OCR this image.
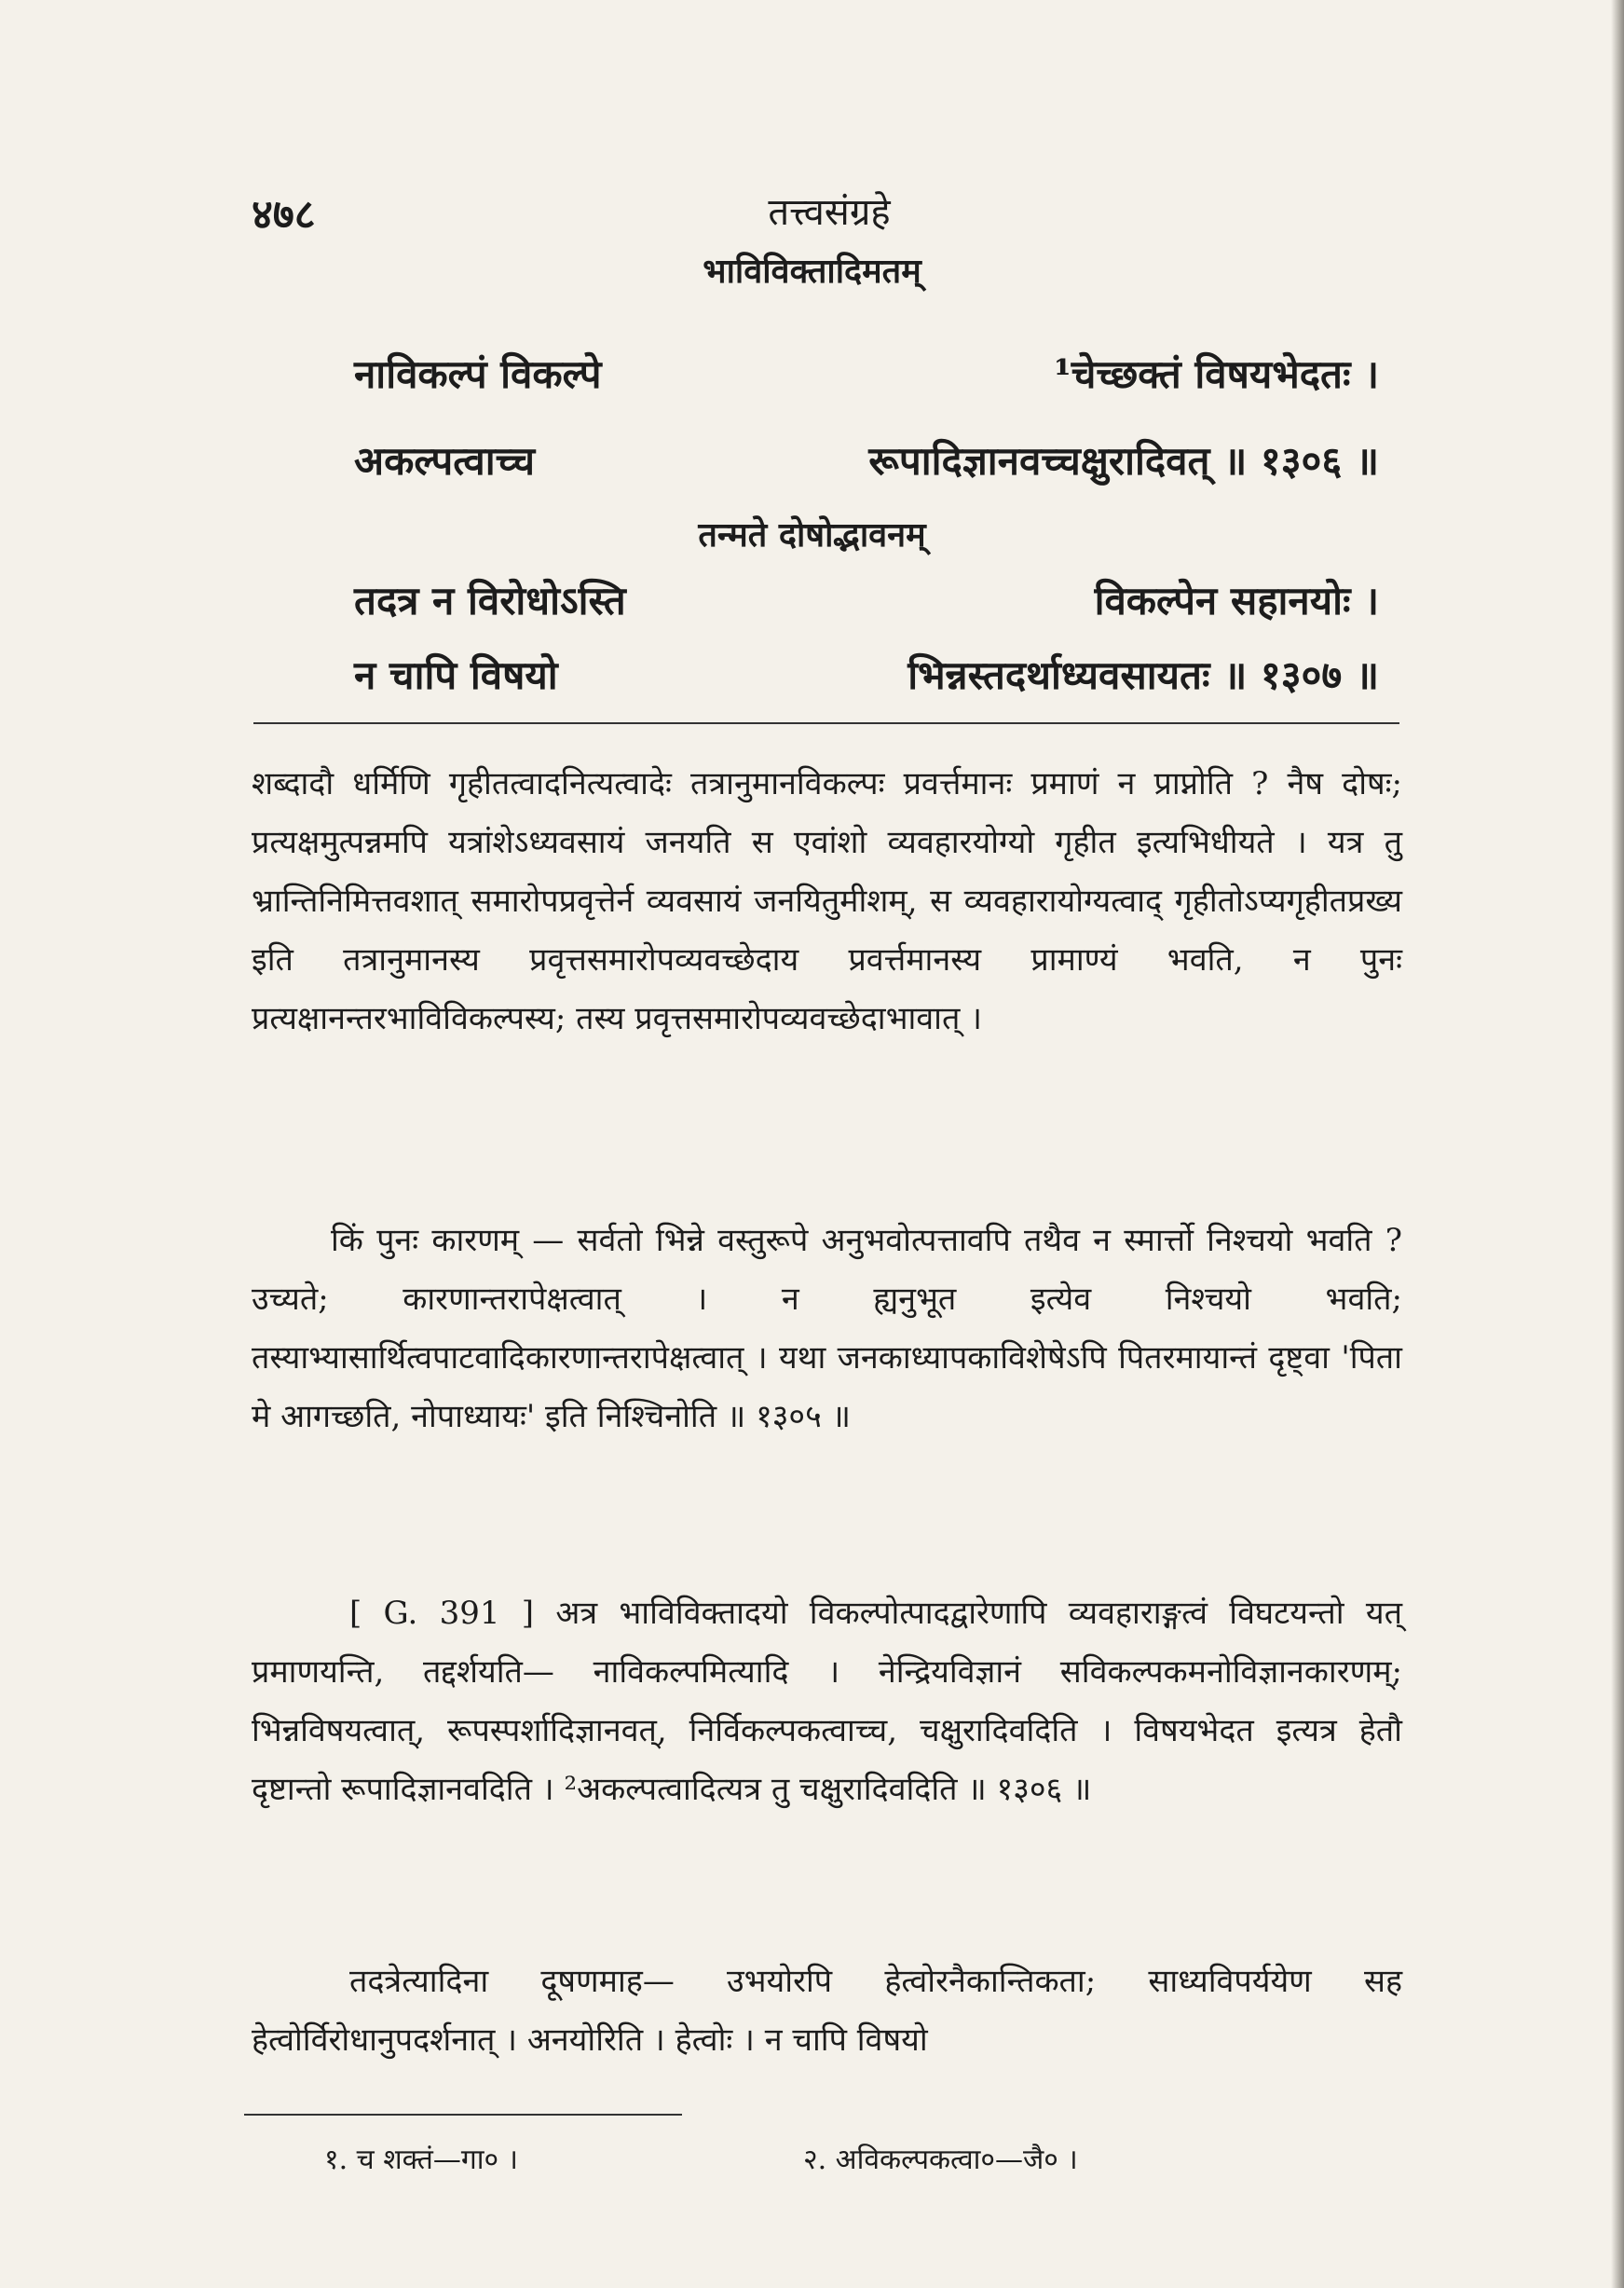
४७८	तत्त्वसंग्रहे
भाविविक्तादिमतम्
नाविकल्पं विकल्पे	¹चेच्छक्तं विषयभेदतः ।
अकल्पत्वाच्च	रूपादिज्ञानवच्चक्षुरादिवत् ॥ १३०६ ॥
तन्मते दोषोद्भावनम्
तदत्र न विरोधोऽस्ति	विकल्पेन सहानयोः ।
न चापि विषयो	भिन्नस्तदर्थाध्यवसायतः ॥ १३०७ ॥

शब्दादौ धर्मिणि गृहीतत्वादनित्यत्वादेः तत्रानुमानविकल्पः प्रवर्त्तमानः प्रमाणं न प्राप्नोति ? नैष दोषः; प्रत्यक्षमुत्पन्नमपि यत्रांशेऽध्यवसायं जनयति स एवांशो व्यवहारयोग्यो गृहीत इत्यभिधीयते । यत्र तु भ्रान्तिनिमित्तवशात् समारोपप्रवृत्तेर्न व्यवसायं जनयितुमीशम्, स व्यवहारायोग्यत्वाद् गृहीतोऽप्यगृहीतप्रख्य इति तत्रानुमानस्य प्रवृत्तसमारोपव्यवच्छेदाय प्रवर्त्तमानस्य प्रामाण्यं भवति, न पुनः प्रत्यक्षानन्तरभाविविकल्पस्य; तस्य प्रवृत्तसमारोपव्यवच्छेदाभावात् ।

किं पुनः कारणम् — सर्वतो भिन्ने वस्तुरूपे अनुभवोत्पत्तावपि तथैव न स्मार्त्तो निश्चयो भवति ? उच्यते; कारणान्तरापेक्षत्वात् । न ह्यनुभूत इत्येव निश्चयो भवति; तस्याभ्यासार्थित्वपाटवादिकारणान्तरापेक्षत्वात् । यथा जनकाध्यापकाविशेषेऽपि पितरमायान्तं दृष्ट्वा 'पिता मे आगच्छति, नोपाध्यायः' इति निश्चिनोति ॥ १३०५ ॥

[ G. 391 ] अत्र भाविविक्तादयो विकल्पोत्पादद्वारेणापि व्यवहाराङ्गत्वं विघटयन्तो यत् प्रमाणयन्ति, तद्दर्शयति— नाविकल्पमित्यादि । नेन्द्रियविज्ञानं सविकल्पकमनोविज्ञानकारणम्; भिन्नविषयत्वात्, रूपस्पर्शादिज्ञानवत्, निर्विकल्पकत्वाच्च, चक्षुरादिवदिति । विषयभेदत इत्यत्र हेतौ दृष्टान्तो रूपादिज्ञानवदिति । ²अकल्पत्वादित्यत्र तु चक्षुरादिवदिति ॥ १३०६ ॥

तदत्रेत्यादिना दूषणमाह— उभयोरपि हेत्वोरनैकान्तिकता; साध्यविपर्ययेण सह हेत्वोर्विरोधानुपदर्शनात् । अनयोरिति । हेत्वोः । न चापि विषयो

१. च शक्तं—गा० ।	२. अविकल्पकत्वा०—जै० ।
